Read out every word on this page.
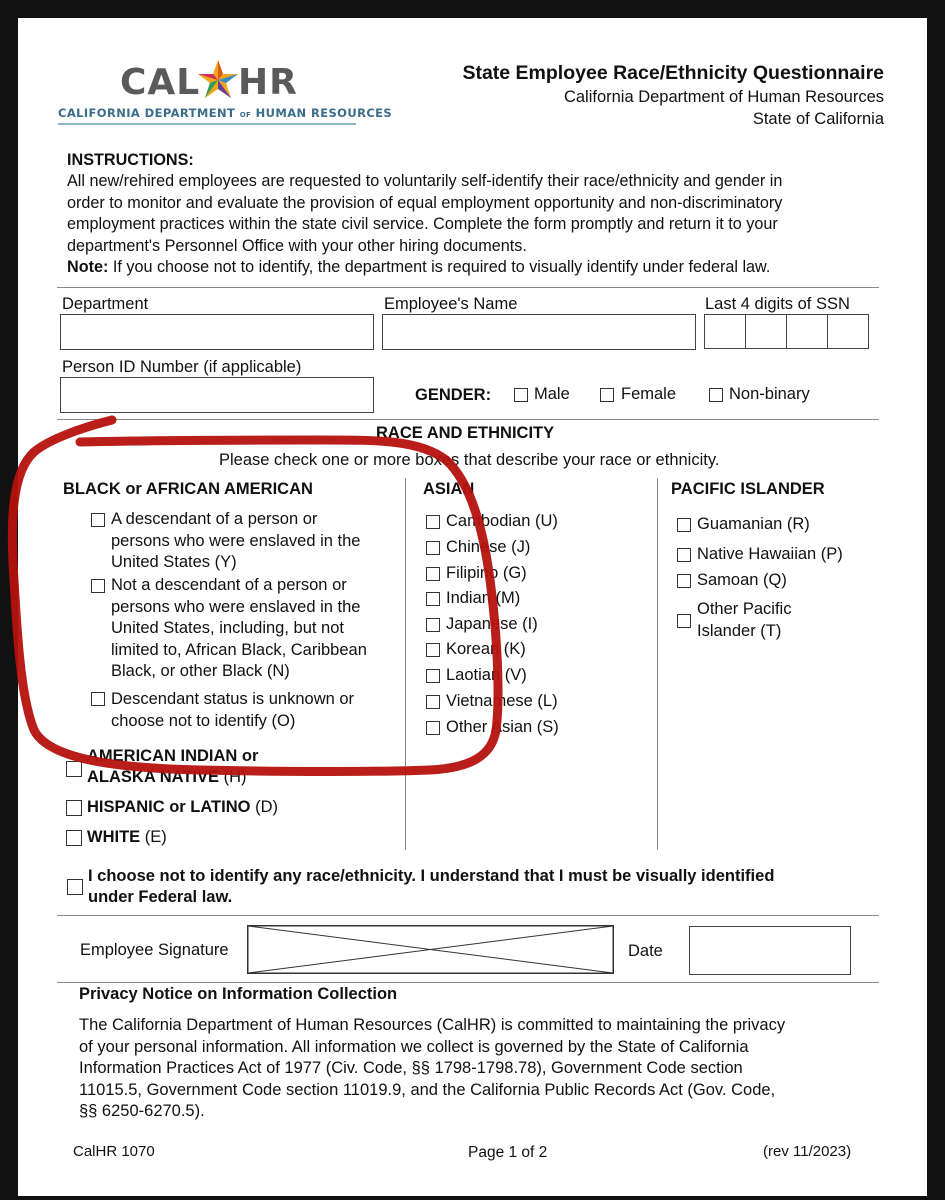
CAL HR
CALIFORNIA DEPARTMENT OF HUMAN RESOURCES
State Employee Race/Ethnicity Questionnaire
California Department of Human Resources
State of California
INSTRUCTIONS:
All new/rehired employees are requested to voluntarily self-identify their race/ethnicity and gender in
order to monitor and evaluate the provision of equal employment opportunity and non-discriminatory
employment practices within the state civil service. Complete the form promptly and return it to your
department's Personnel Office with your other hiring documents.
Note: If you choose not to identify, the department is required to visually identify under federal law.
Department	Employee's Name	Last 4 digits of SSN
Person ID Number (if applicable)
GENDER:	Male	Female	Non-binary
RACE AND ETHNICITY
Please check one or more boxes that describe your race or ethnicity.
BLACK or AFRICAN AMERICAN
A descendant of a person or
persons who were enslaved in the
United States (Y)
Not a descendant of a person or
persons who were enslaved in the
United States, including, but not
limited to, African Black, Caribbean
Black, or other Black (N)
Descendant status is unknown or
choose not to identify (O)
AMERICAN INDIAN or
ALASKA NATIVE (H)
HISPANIC or LATINO (D)
WHITE (E)
ASIAN
Cambodian (U)
Chinese (J)
Filipino (G)
Indian (M)
Japanese (I)
Korean (K)
Laotian (V)
Vietnamese (L)
Other Asian (S)
PACIFIC ISLANDER
Guamanian (R)
Native Hawaiian (P)
Samoan (Q)
Other Pacific
Islander (T)
I choose not to identify any race/ethnicity. I understand that I must be visually identified
under Federal law.
Employee Signature	Date
Privacy Notice on Information Collection
The California Department of Human Resources (CalHR) is committed to maintaining the privacy
of your personal information. All information we collect is governed by the State of California
Information Practices Act of 1977 (Civ. Code, §§ 1798-1798.78), Government Code section
11015.5, Government Code section 11019.9, and the California Public Records Act (Gov. Code,
§§ 6250-6270.5).
CalHR 1070	Page 1 of 2	(rev 11/2023)
